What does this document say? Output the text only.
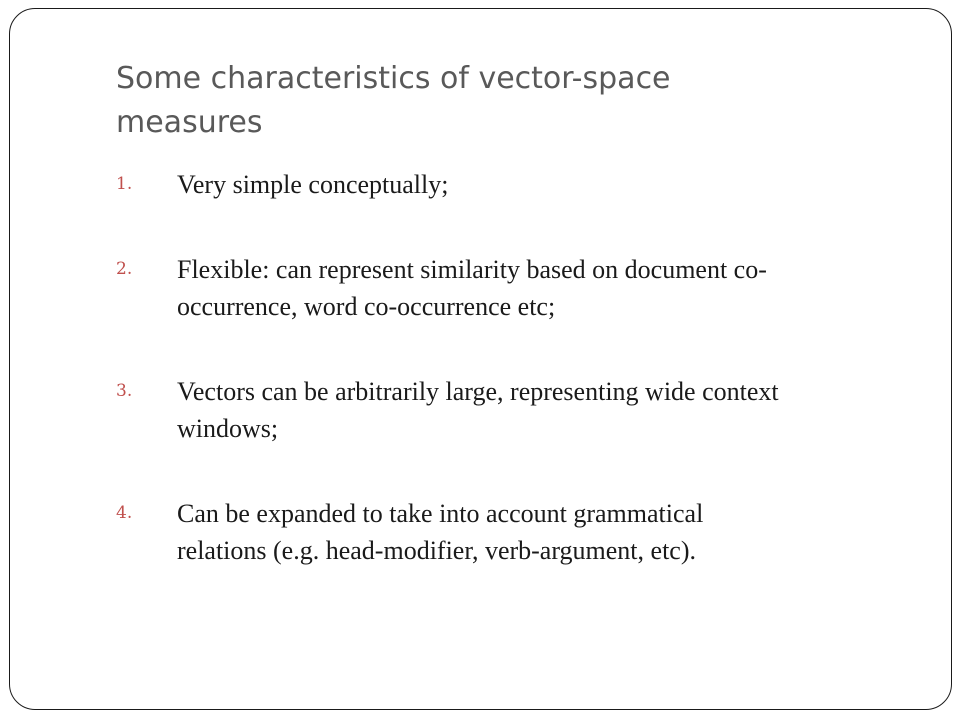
Some characteristics of vector-space
measures
1.	Very simple conceptually;
2.	Flexible: can represent similarity based on document co-
occurrence, word co-occurrence etc;
3.	Vectors can be arbitrarily large, representing wide context
windows;
4.	Can be expanded to take into account grammatical
relations (e.g. head-modifier, verb-argument, etc).
